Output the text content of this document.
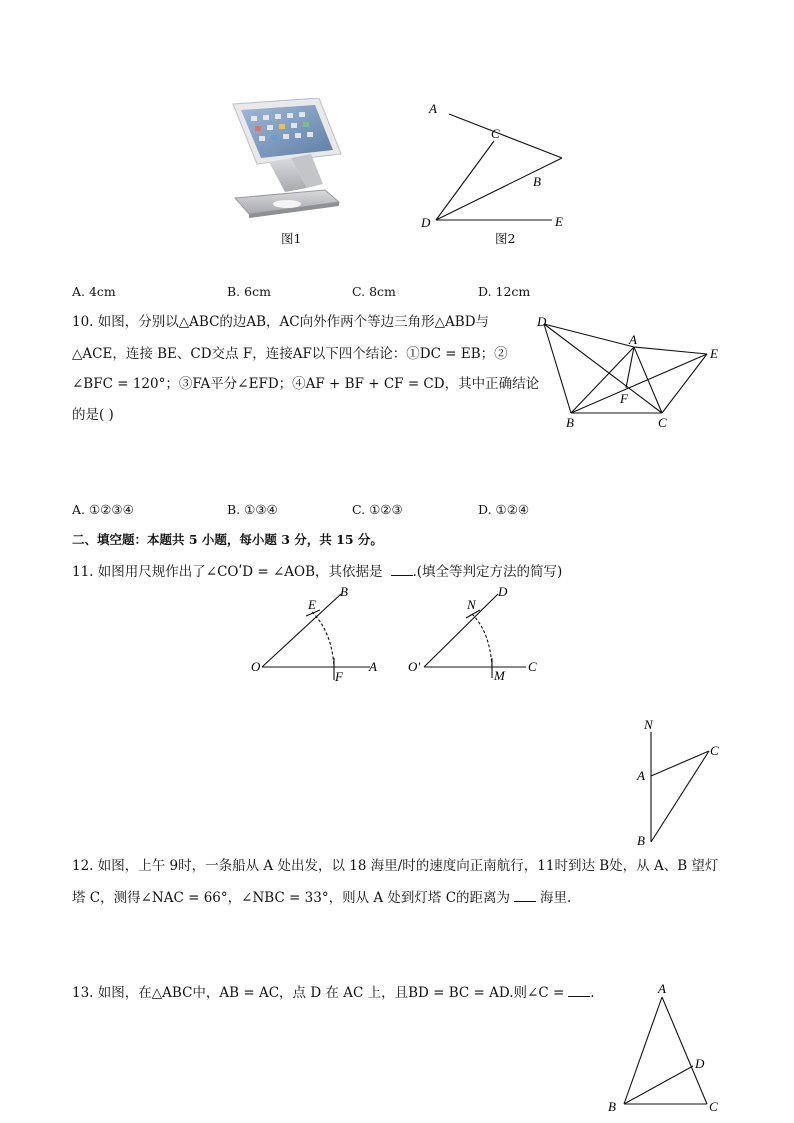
图1
A
C
B
D	E
图2
A. 4cm	B. 6cm	C. 8cm	D. 12cm
10. 如图，分别以△ABC的边AB，AC向外作两个等边三角形△ABD与
△ACE，连接 BE、CD交点 F，连接AF以下四个结论：①DC = EB；②
∠BFC = 120°；③FA平分∠EFD；④AF + BF + CF = CD，其中正确结论
的是( )
D
A
E
F
B	C
A. ①②③④	B. ①③④	C. ①②③	D. ①②④
二、填空题：本题共 5 小题，每小题 3 分，共 15 分。
11. 如图用尺规作出了∠COʹD = ∠AOB，其依据是 .(填全等判定方法的简写)
O	A
B
E
F
Oʹ	C
D
N
M
N
A
C
B
12. 如图，上午 9时，一条船从 A 处出发，以 18 海里/时的速度向正南航行，11时到达 B处，从 A、B 望灯
塔 C，测得∠NAC = 66°，∠NBC = 33°，则从 A 处到灯塔 C的距离为 海里.
13. 如图，在△ABC中，AB = AC，点 D 在 AC 上，且BD = BC = AD.则∠C = .	A
D
B	C
